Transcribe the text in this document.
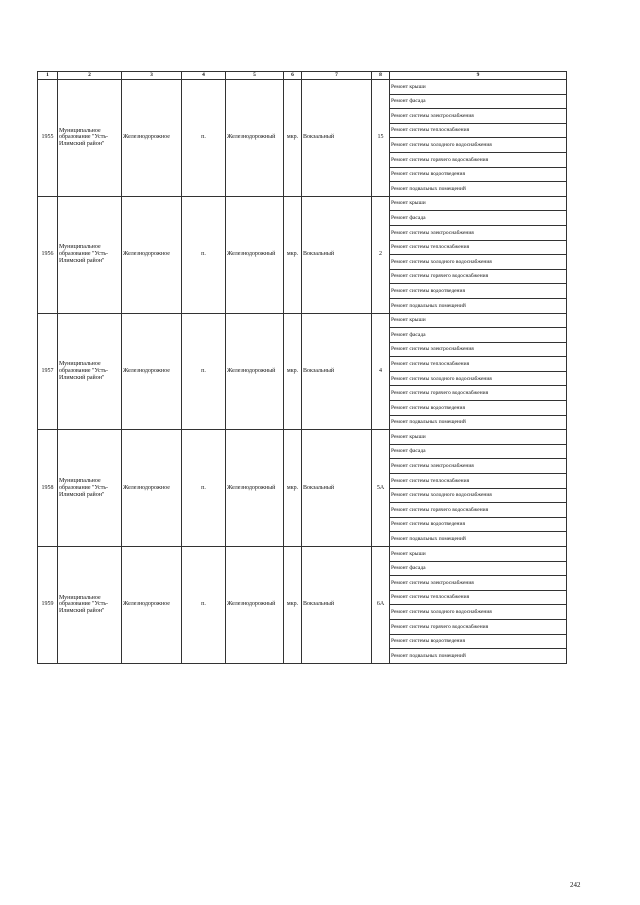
1	2	3	4	5	6	7	8	9
1955	Муниципальное образование "Усть-Илимский район"	Железнодорожное	п.	Железнодорожный	мкр.	Вокзальный	15	Ремонт крыши
								Ремонт фасада
								Ремонт системы электроснабжения
								Ремонт системы теплоснабжения
								Ремонт системы холодного водоснабжения
								Ремонт системы горячего водоснабжения
								Ремонт системы водоотведения
								Ремонт подвальных помещений
1956	Муниципальное образование "Усть-Илимский район"	Железнодорожное	п.	Железнодорожный	мкр.	Вокзальный	2	Ремонт крыши
								Ремонт фасада
								Ремонт системы электроснабжения
								Ремонт системы теплоснабжения
								Ремонт системы холодного водоснабжения
								Ремонт системы горячего водоснабжения
								Ремонт системы водоотведения
								Ремонт подвальных помещений
1957	Муниципальное образование "Усть-Илимский район"	Железнодорожное	п.	Железнодорожный	мкр.	Вокзальный	4	Ремонт крыши
								Ремонт фасада
								Ремонт системы электроснабжения
								Ремонт системы теплоснабжения
								Ремонт системы холодного водоснабжения
								Ремонт системы горячего водоснабжения
								Ремонт системы водоотведения
								Ремонт подвальных помещений
1958	Муниципальное образование "Усть-Илимский район"	Железнодорожное	п.	Железнодорожный	мкр.	Вокзальный	5А	Ремонт крыши
								Ремонт фасада
								Ремонт системы электроснабжения
								Ремонт системы теплоснабжения
								Ремонт системы холодного водоснабжения
								Ремонт системы горячего водоснабжения
								Ремонт системы водоотведения
								Ремонт подвальных помещений
1959	Муниципальное образование "Усть-Илимский район"	Железнодорожное	п.	Железнодорожный	мкр.	Вокзальный	6А	Ремонт крыши
								Ремонт фасада
								Ремонт системы электроснабжения
								Ремонт системы теплоснабжения
								Ремонт системы холодного водоснабжения
								Ремонт системы горячего водоснабжения
								Ремонт системы водоотведения
								Ремонт подвальных помещений
242
